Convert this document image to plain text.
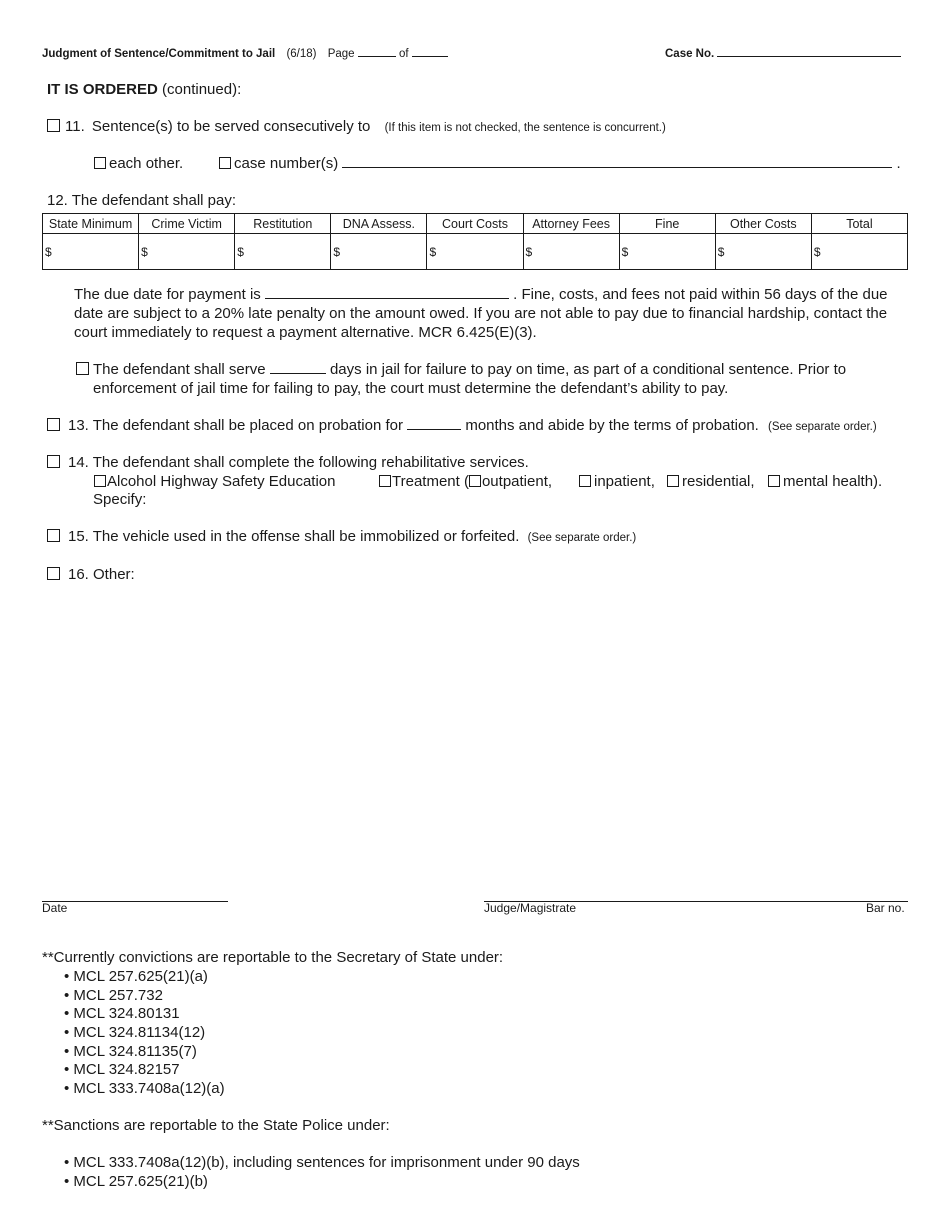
Judgment of Sentence/Commitment to Jail (6/18) Page	of	Case No.
IT IS ORDERED (continued):
11. Sentence(s) to be served consecutively to (If this item is not checked, the sentence is concurrent.)
each other.	case number(s)	.
12. The defendant shall pay:
State Minimum	Crime Victim	Restitution	DNA Assess.	Court Costs	Attorney Fees	Fine	Other Costs	Total
$	$	$	$	$	$	$	$	$
The due date for payment is	. Fine, costs, and fees not paid within 56 days of the due
date are subject to a 20% late penalty on the amount owed. If you are not able to pay due to financial hardship, contact the
court immediately to request a payment alternative. MCR 6.425(E)(3).
The defendant shall serve	days in jail for failure to pay on time, as part of a conditional sentence. Prior to
enforcement of jail time for failing to pay, the court must determine the defendant’s ability to pay.
13. The defendant shall be placed on probation for	months and abide by the terms of probation. (See separate order.)
14. The defendant shall complete the following rehabilitative services.
Alcohol Highway Safety Education	Treatment ( outpatient,	inpatient,	residential,	mental health).
Specify:
15. The vehicle used in the offense shall be immobilized or forfeited. (See separate order.)
16. Other:
Date	Judge/Magistrate	Bar no.
**Currently convictions are reportable to the Secretary of State under:
• MCL 257.625(21)(a)
• MCL 257.732
• MCL 324.80131
• MCL 324.81134(12)
• MCL 324.81135(7)
• MCL 324.82157
• MCL 333.7408a(12)(a)
**Sanctions are reportable to the State Police under:
• MCL 333.7408a(12)(b), including sentences for imprisonment under 90 days
• MCL 257.625(21)(b)
